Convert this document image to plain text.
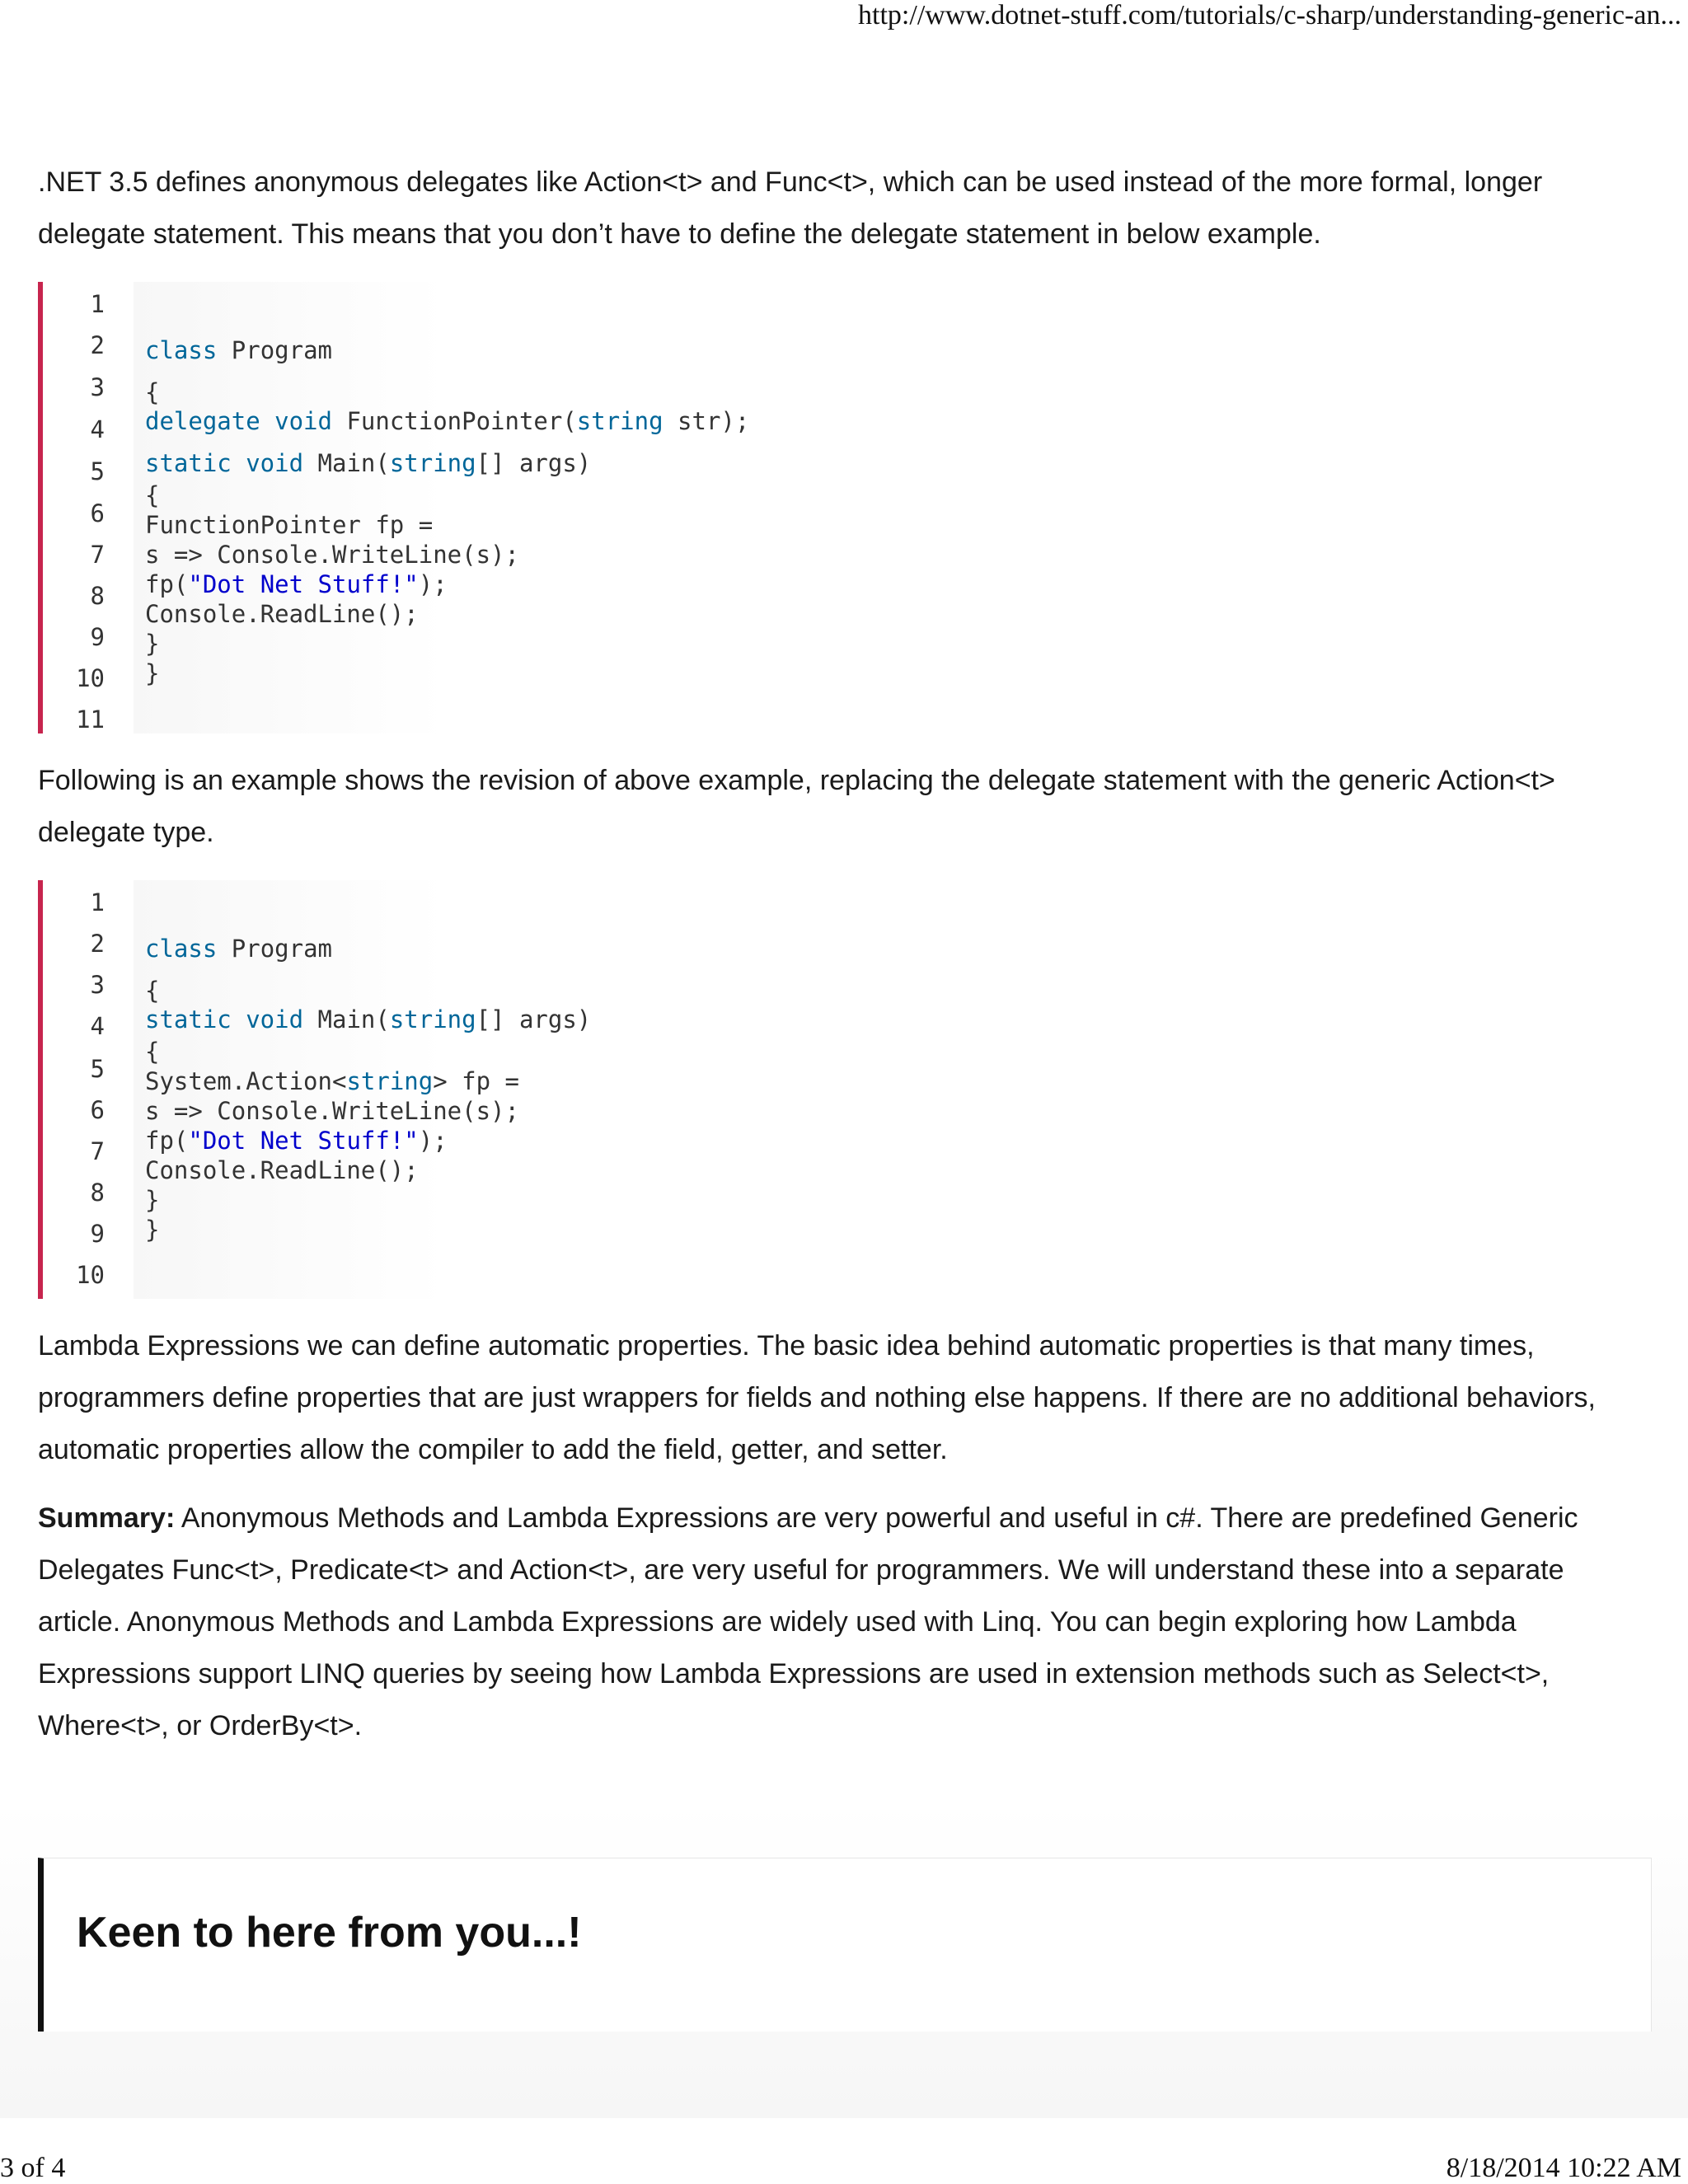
http://www.dotnet-stuff.com/tutorials/c-sharp/understanding-generic-an...

.NET 3.5 defines anonymous delegates like Action<t> and Func<t>, which can be used instead of the more formal, longer delegate statement. This means that you don’t have to define the delegate statement in below example.

1
2
3
4
5
6
7
8
9
10
11

class Program

{

delegate void FunctionPointer(string str);

static void Main(string[] args)

{

FunctionPointer fp =

s => Console.WriteLine(s);

fp("Dot Net Stuff!");

Console.ReadLine();

}

}

Following is an example shows the revision of above example, replacing the delegate statement with the generic Action<t> delegate type.

1
2
3
4
5
6
7
8
9
10

class Program

{

static void Main(string[] args)

{

System.Action<string> fp =

s => Console.WriteLine(s);

fp("Dot Net Stuff!");

Console.ReadLine();

}

}

Lambda Expressions we can define automatic properties. The basic idea behind automatic properties is that many times, programmers define properties that are just wrappers for fields and nothing else happens. If there are no additional behaviors, automatic properties allow the compiler to add the field, getter, and setter.

Summary: Anonymous Methods and Lambda Expressions are very powerful and useful in c#. There are predefined Generic Delegates Func<t>, Predicate<t> and Action<t>, are very useful for programmers. We will understand these into a separate article. Anonymous Methods and Lambda Expressions are widely used with Linq. You can begin exploring how Lambda Expressions support LINQ queries by seeing how Lambda Expressions are used in extension methods such as Select<t>, Where<t>, or OrderBy<t>.

Keen to here from you...!
3 of 4	8/18/2014 10:22 AM
